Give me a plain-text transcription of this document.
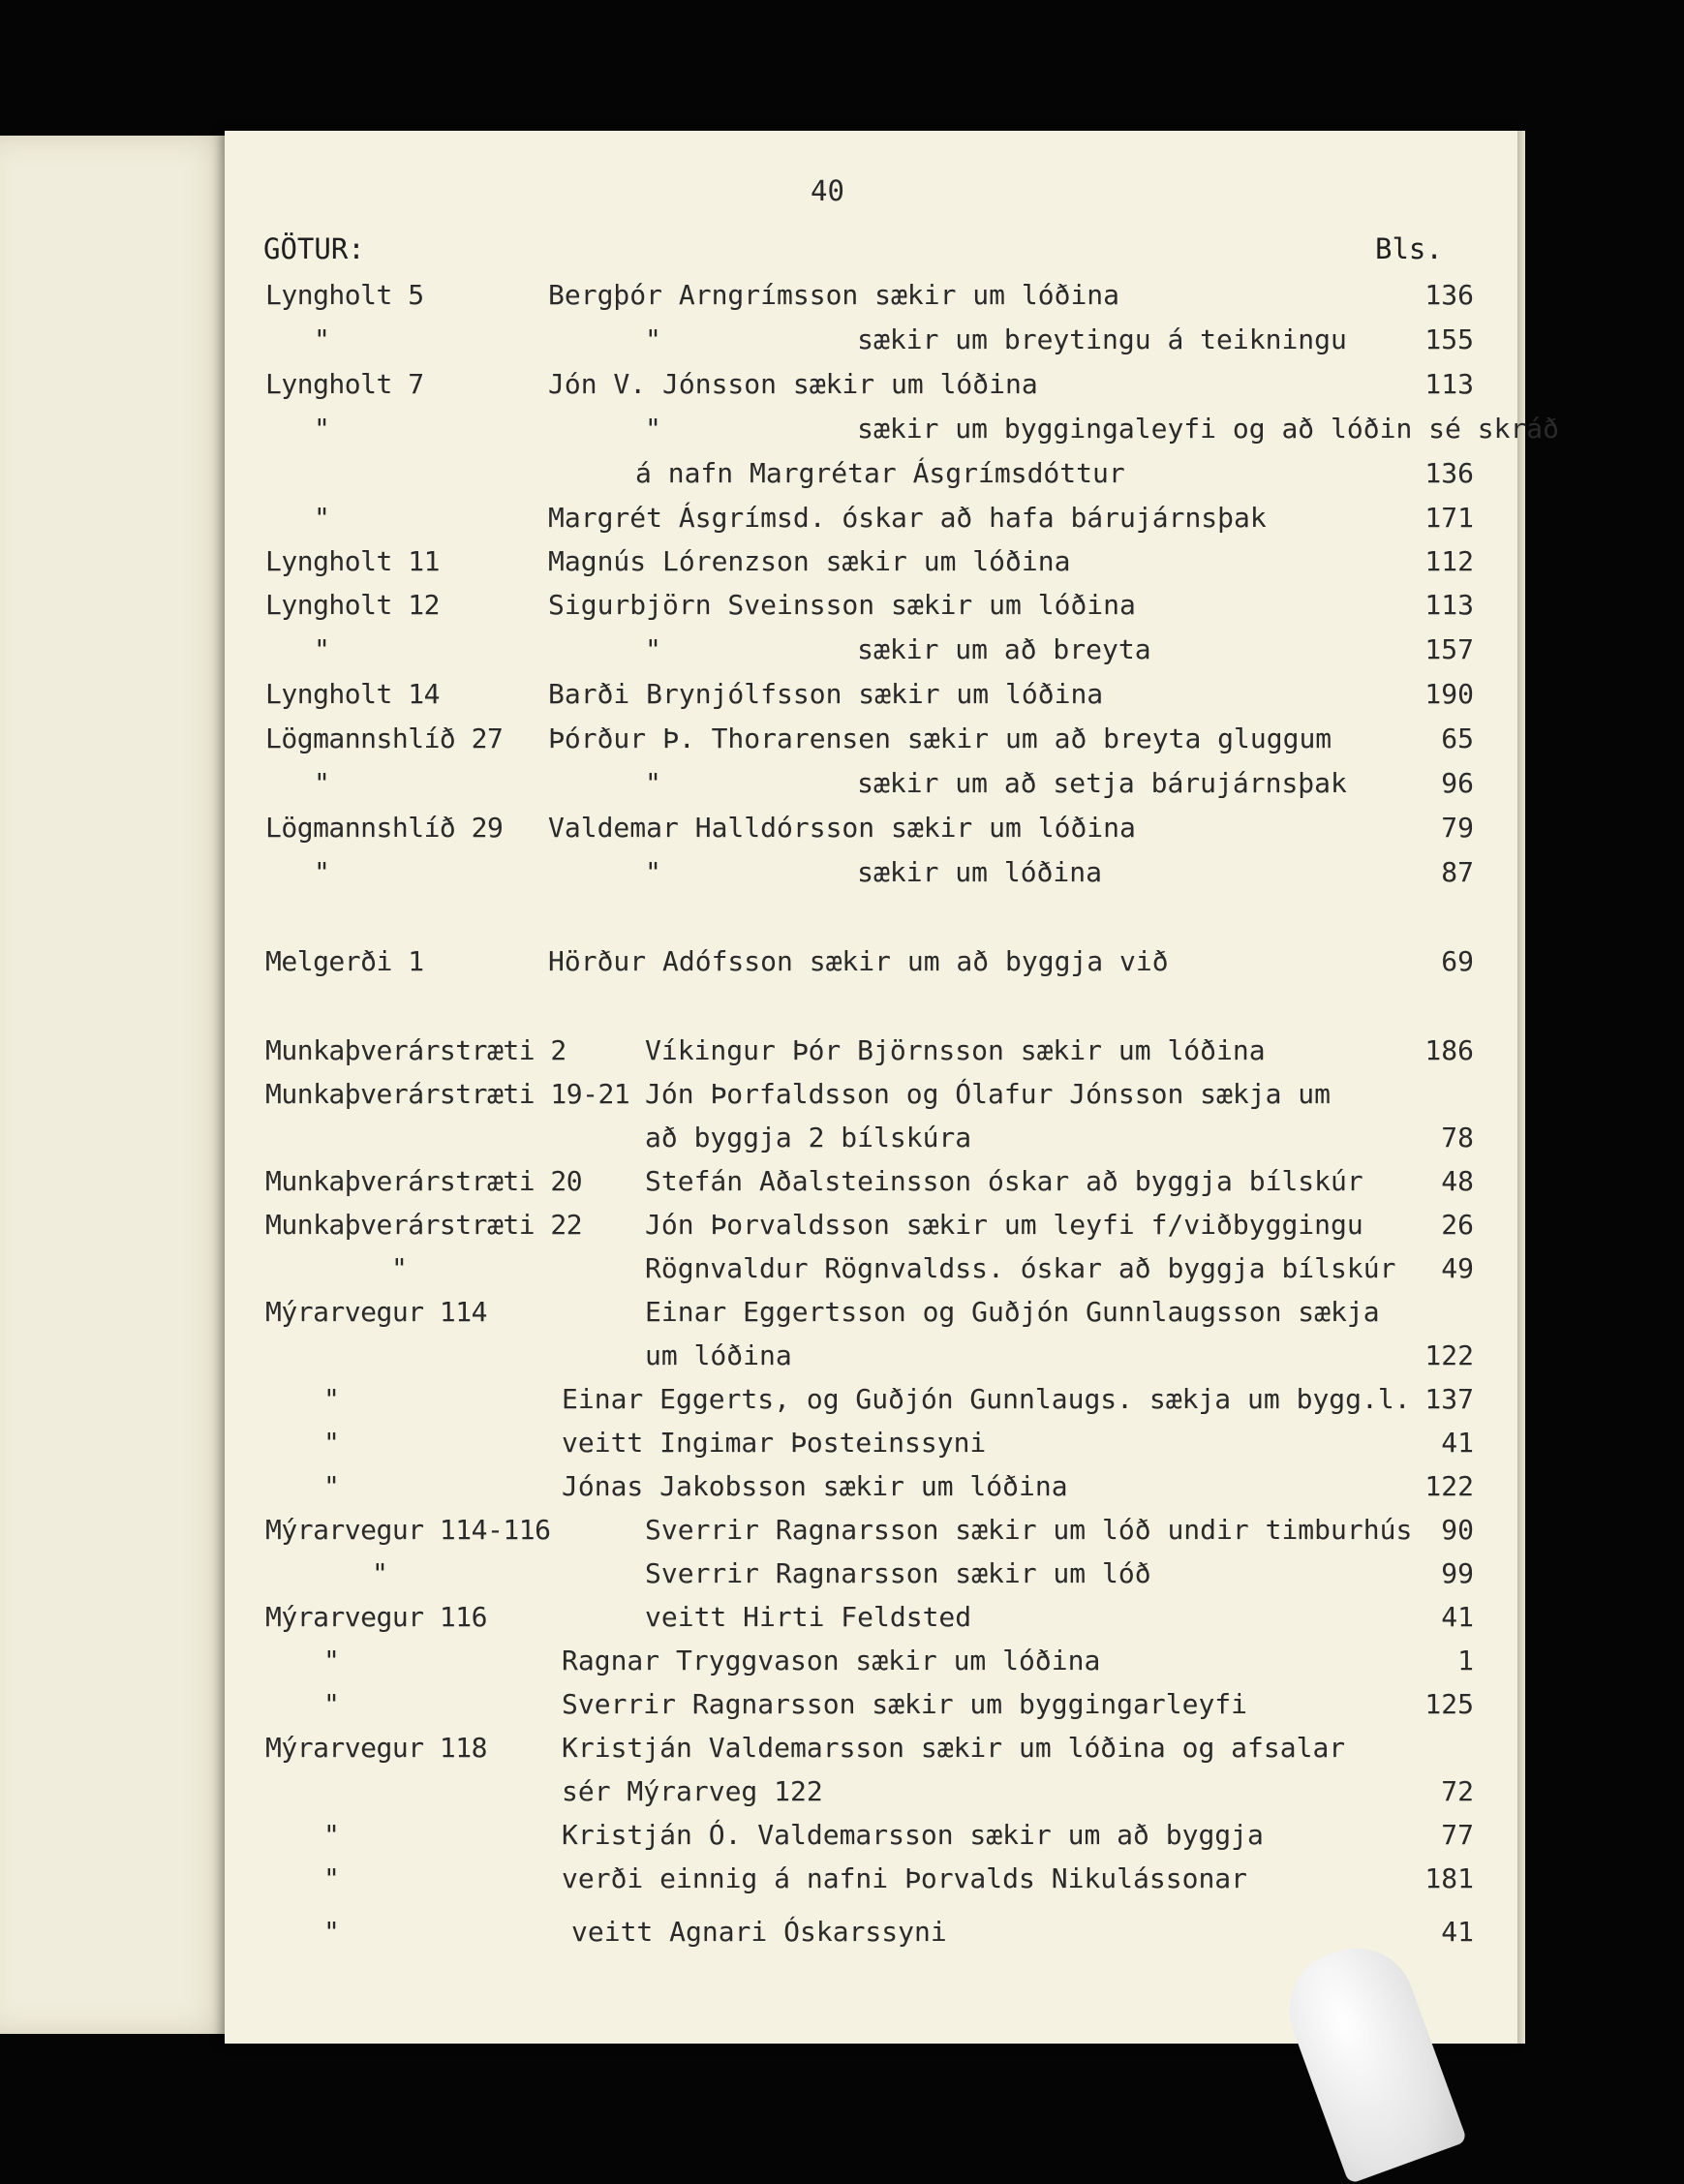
40
GÖTUR:	Bls.
Lyngholt 5	Bergþór Arngrímsson sækir um lóðina	136
"	"            sækir um breytingu á teikningu	155
Lyngholt 7	Jón V. Jónsson sækir um lóðina	113
"	"            sækir um byggingaleyfi og að lóðin sé skráð
á nafn Margrétar Ásgrímsdóttur	136
"	Margrét Ásgrímsd. óskar að hafa bárujárnsþak	171
Lyngholt 11	Magnús Lórenzson sækir um lóðina	112
Lyngholt 12	Sigurbjörn Sveinsson sækir um lóðina	113
"	"            sækir um að breyta	157
Lyngholt 14	Barði Brynjólfsson sækir um lóðina	190
Lögmannshlíð 27 Þórður Þ. Thorarensen sækir um að breyta gluggum	65
"	"            sækir um að setja bárujárnsþak	96
Lögmannshlíð 29 Valdemar Halldórsson sækir um lóðina	79
"	"            sækir um lóðina	87
Melgerði 1	Hörður Adófsson sækir um að byggja við	69
Munkaþverárstræti 2	Víkingur Þór Björnsson sækir um lóðina	186
Munkaþverárstræti 19-21 Jón Þorfaldsson og Ólafur Jónsson sækja um
að byggja 2 bílskúra	78
Munkaþverárstræti 20 Stefán Aðalsteinsson óskar að byggja bílskúr	48
Munkaþverárstræti 22 Jón Þorvaldsson sækir um leyfi f/viðbyggingu	26
"	Rögnvaldur Rögnvaldss. óskar að byggja bílskúr 49
Mýrarvegur 114	Einar Eggertsson og Guðjón Gunnlaugsson sækja
um lóðina	122
"	Einar Eggerts, og Guðjón Gunnlaugs. sækja um bygg.l. 137
"	veitt Ingimar Þosteinssyni	41
"	Jónas Jakobsson sækir um lóðina	122
Mýrarvegur 114-116	Sverrir Ragnarsson sækir um lóð undir timburhús 90
"	Sverrir Ragnarsson sækir um lóð	99
Mýrarvegur 116	veitt Hirti Feldsted	41
"	Ragnar Tryggvason sækir um lóðina	1
"	Sverrir Ragnarsson sækir um byggingarleyfi	125
Mýrarvegur 118	Kristján Valdemarsson sækir um lóðina og afsalar
sér Mýrarveg 122	72
"	Kristján Ó. Valdemarsson sækir um að byggja	77
"	verði einnig á nafni Þorvalds Nikulássonar	181
"	veitt Agnari Óskarssyni	41
